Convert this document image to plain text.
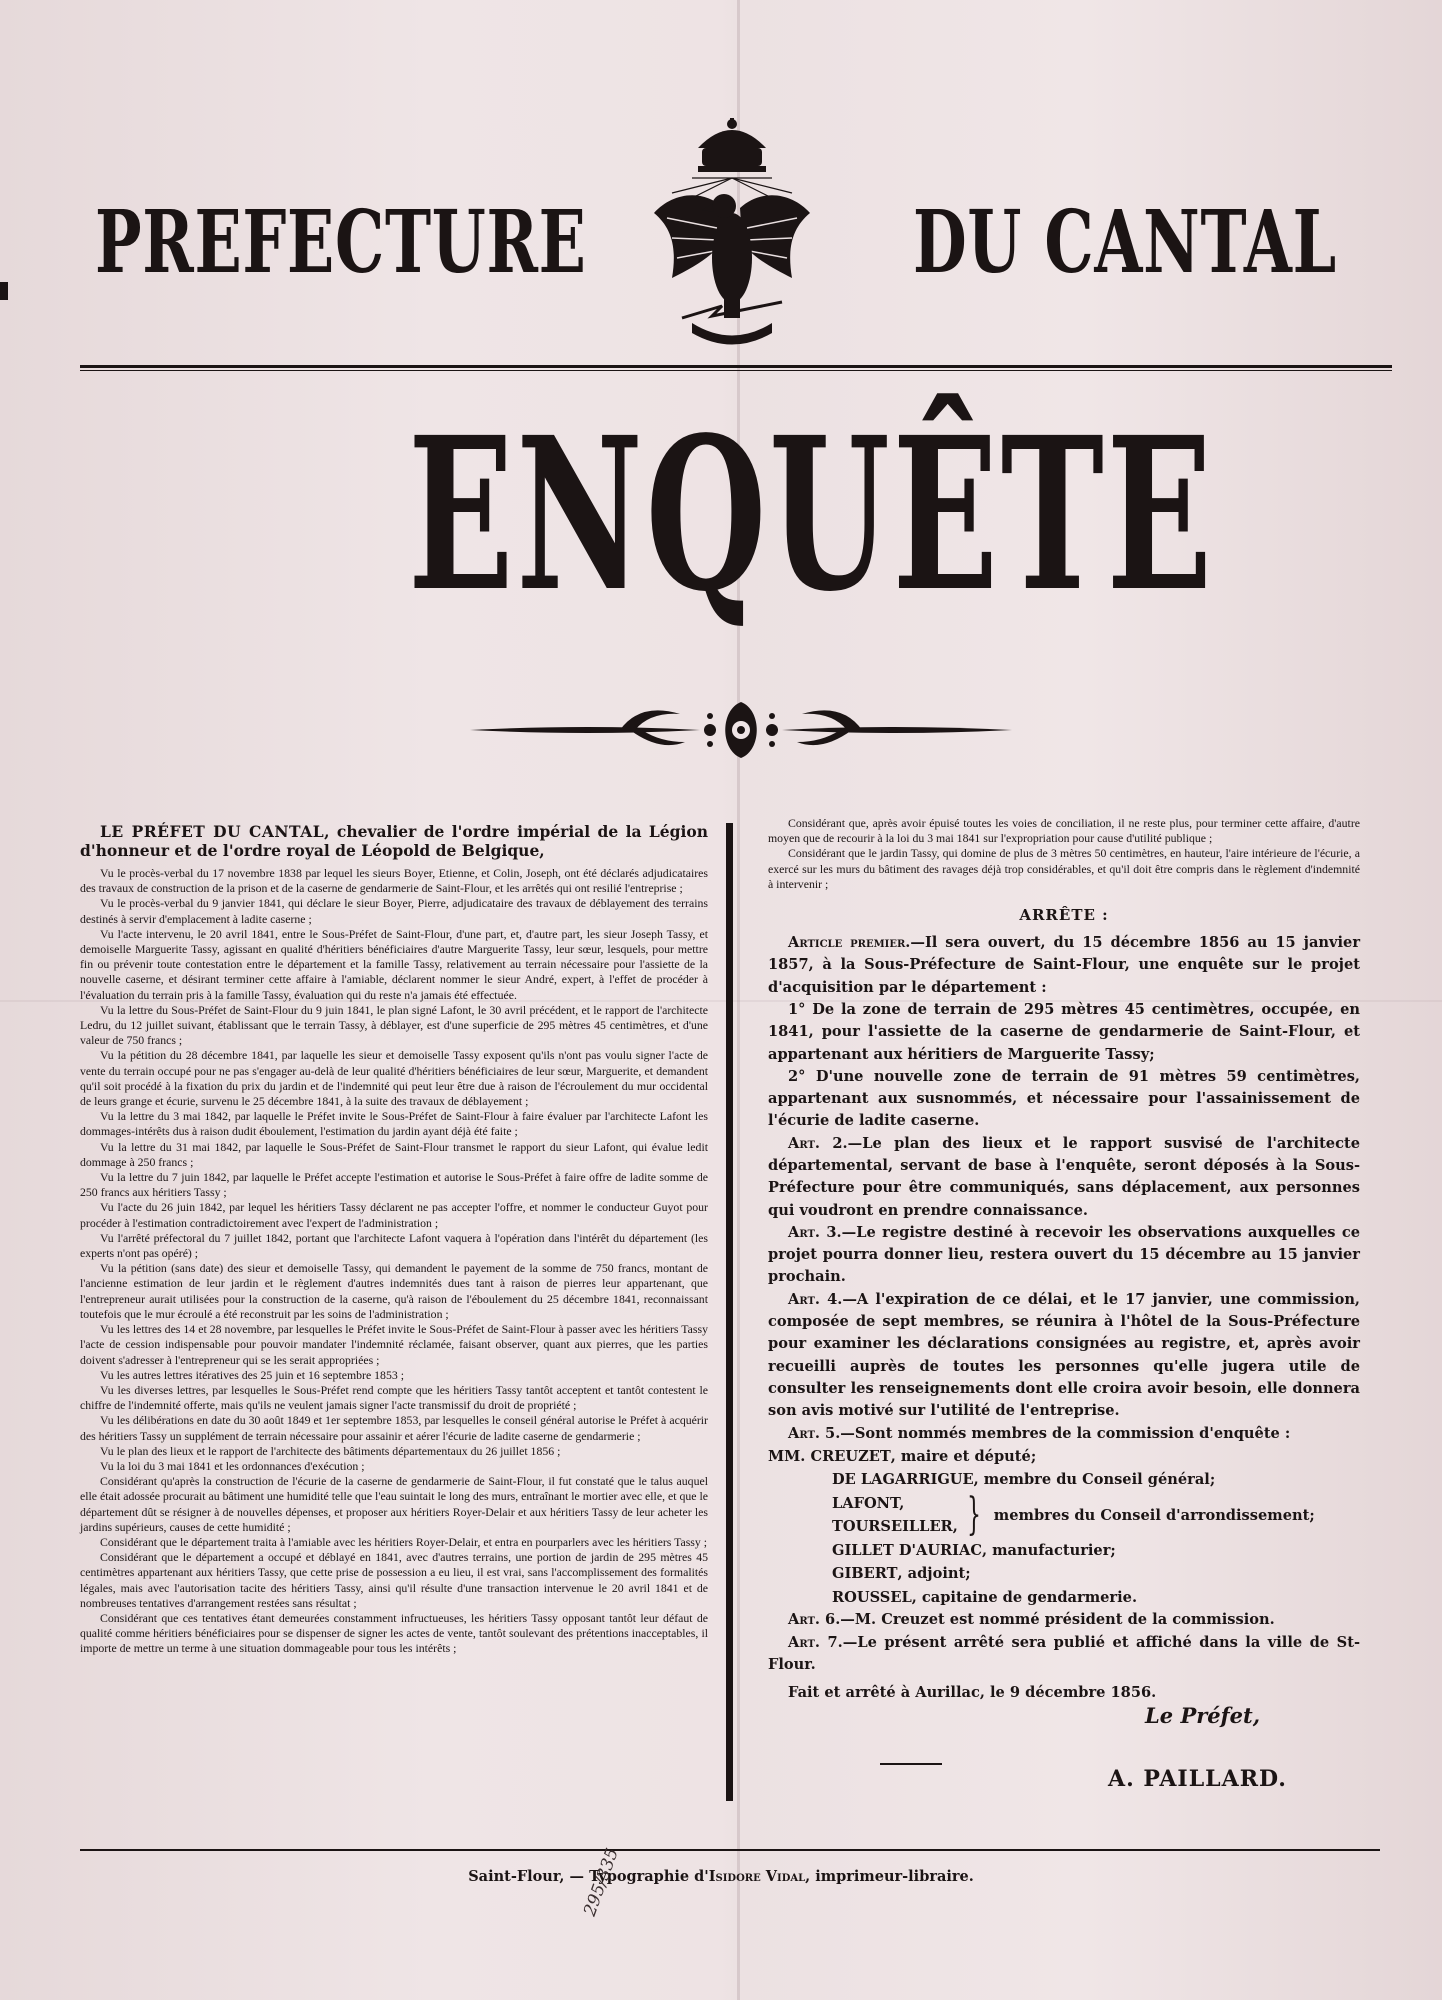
PREFECTURE	DU CANTAL
ENQUÊTE

LE PRÉFET DU CANTAL, chevalier de l'ordre impérial de la Légion d'honneur et de l'ordre royal de Léopold de Belgique,

Vu le procès-verbal du 17 novembre 1838 par lequel les sieurs Boyer, Etienne, et Colin, Joseph, ont été déclarés adjudicataires des travaux de construction de la prison et de la caserne de gendarmerie de Saint-Flour, et les arrêtés qui ont resilié l'entreprise ;

Vu le procès-verbal du 9 janvier 1841, qui déclare le sieur Boyer, Pierre, adjudicataire des travaux de déblayement des terrains destinés à servir d'emplacement à ladite caserne ;

Vu l'acte intervenu, le 20 avril 1841, entre le Sous-Préfet de Saint-Flour, d'une part, et, d'autre part, les sieur Joseph Tassy, et demoiselle Marguerite Tassy, agissant en qualité d'héritiers bénéficiaires d'autre Marguerite Tassy, leur sœur, lesquels, pour mettre fin ou prévenir toute contestation entre le département et la famille Tassy, relativement au terrain nécessaire pour l'assiette de la nouvelle caserne, et désirant terminer cette affaire à l'amiable, déclarent nommer le sieur André, expert, à l'effet de procéder à l'évaluation du terrain pris à la famille Tassy, évaluation qui du reste n'a jamais été effectuée.

Vu la lettre du Sous-Préfet de Saint-Flour du 9 juin 1841, le plan signé Lafont, le 30 avril précédent, et le rapport de l'architecte Ledru, du 12 juillet suivant, établissant que le terrain Tassy, à déblayer, est d'une superficie de 295 mètres 45 centimètres, et d'une valeur de 750 francs ;

Vu la pétition du 28 décembre 1841, par laquelle les sieur et demoiselle Tassy exposent qu'ils n'ont pas voulu signer l'acte de vente du terrain occupé pour ne pas s'engager au-delà de leur qualité d'héritiers bénéficiaires de leur sœur, Marguerite, et demandent qu'il soit procédé à la fixation du prix du jardin et de l'indemnité qui peut leur être due à raison de l'écroulement du mur occidental de leurs grange et écurie, survenu le 25 décembre 1841, à la suite des travaux de déblayement ;

Vu la lettre du 3 mai 1842, par laquelle le Préfet invite le Sous-Préfet de Saint-Flour à faire évaluer par l'architecte Lafont les dommages-intérêts dus à raison dudit éboulement, l'estimation du jardin ayant déjà été faite ;

Vu la lettre du 31 mai 1842, par laquelle le Sous-Préfet de Saint-Flour transmet le rapport du sieur Lafont, qui évalue ledit dommage à 250 francs ;

Vu la lettre du 7 juin 1842, par laquelle le Préfet accepte l'estimation et autorise le Sous-Préfet à faire offre de ladite somme de 250 francs aux héritiers Tassy ;

Vu l'acte du 26 juin 1842, par lequel les héritiers Tassy déclarent ne pas accepter l'offre, et nommer le conducteur Guyot pour procéder à l'estimation contradictoirement avec l'expert de l'administration ;

Vu l'arrêté préfectoral du 7 juillet 1842, portant que l'architecte Lafont vaquera à l'opération dans l'intérêt du département (les experts n'ont pas opéré) ;

Vu la pétition (sans date) des sieur et demoiselle Tassy, qui demandent le payement de la somme de 750 francs, montant de l'ancienne estimation de leur jardin et le règlement d'autres indemnités dues tant à raison de pierres leur appartenant, que l'entrepreneur aurait utilisées pour la construction de la caserne, qu'à raison de l'éboulement du 25 décembre 1841, reconnaissant toutefois que le mur écroulé a été reconstruit par les soins de l'administration ;

Vu les lettres des 14 et 28 novembre, par lesquelles le Préfet invite le Sous-Préfet de Saint-Flour à passer avec les héritiers Tassy l'acte de cession indispensable pour pouvoir mandater l'indemnité réclamée, faisant observer, quant aux pierres, que les parties doivent s'adresser à l'entrepreneur qui se les serait appropriées ;

Vu les autres lettres itératives des 25 juin et 16 septembre 1853 ;

Vu les diverses lettres, par lesquelles le Sous-Préfet rend compte que les héritiers Tassy tantôt acceptent et tantôt contestent le chiffre de l'indemnité offerte, mais qu'ils ne veulent jamais signer l'acte transmissif du droit de propriété ;

Vu les délibérations en date du 30 août 1849 et 1er septembre 1853, par lesquelles le conseil général autorise le Préfet à acquérir des héritiers Tassy un supplément de terrain nécessaire pour assainir et aérer l'écurie de ladite caserne de gendarmerie ;

Vu le plan des lieux et le rapport de l'architecte des bâtiments départementaux du 26 juillet 1856 ;

Vu la loi du 3 mai 1841 et les ordonnances d'exécution ;

Considérant qu'après la construction de l'écurie de la caserne de gendarmerie de Saint-Flour, il fut constaté que le talus auquel elle était adossée procurait au bâtiment une humidité telle que l'eau suintait le long des murs, entraînant le mortier avec elle, et que le département dût se résigner à de nouvelles dépenses, et proposer aux héritiers Royer-Delair et aux héritiers Tassy de leur acheter les jardins supérieurs, causes de cette humidité ;

Considérant que le département traita à l'amiable avec les héritiers Royer-Delair, et entra en pourparlers avec les héritiers Tassy ;

Considérant que le département a occupé et déblayé en 1841, avec d'autres terrains, une portion de jardin de 295 mètres 45 centimètres appartenant aux héritiers Tassy, que cette prise de possession a eu lieu, il est vrai, sans l'accomplissement des formalités légales, mais avec l'autorisation tacite des héritiers Tassy, ainsi qu'il résulte d'une transaction intervenue le 20 avril 1841 et de nombreuses tentatives d'arrangement restées sans résultat ;

Considérant que ces tentatives étant demeurées constamment infructueuses, les héritiers Tassy opposant tantôt leur défaut de qualité comme héritiers bénéficiaires pour se dispenser de signer les actes de vente, tantôt soulevant des prétentions inacceptables, il importe de mettre un terme à une situation dommageable pour tous les intérêts ;

Considérant que, après avoir épuisé toutes les voies de conciliation, il ne reste plus, pour terminer cette affaire, d'autre moyen que de recourir à la loi du 3 mai 1841 sur l'expropriation pour cause d'utilité publique ;

Considérant que le jardin Tassy, qui domine de plus de 3 mètres 50 centimètres, en hauteur, l'aire intérieure de l'écurie, a exercé sur les murs du bâtiment des ravages déjà trop considérables, et qu'il doit être compris dans le règlement d'indemnité à intervenir ;

ARRÊTE :

Article premier.—Il sera ouvert, du 15 décembre 1856 au 15 janvier 1857, à la Sous-Préfecture de Saint-Flour, une enquête sur le projet d'acquisition par le département :

1° De la zone de terrain de 295 mètres 45 centimètres, occupée, en 1841, pour l'assiette de la caserne de gendarmerie de Saint-Flour, et appartenant aux héritiers de Marguerite Tassy;

2° D'une nouvelle zone de terrain de 91 mètres 59 centimètres, appartenant aux susnommés, et nécessaire pour l'assainissement de l'écurie de ladite caserne.

Art. 2.—Le plan des lieux et le rapport susvisé de l'architecte départemental, servant de base à l'enquête, seront déposés à la Sous-Préfecture pour être communiqués, sans déplacement, aux personnes qui voudront en prendre connaissance.

Art. 3.—Le registre destiné à recevoir les observations auxquelles ce projet pourra donner lieu, restera ouvert du 15 décembre au 15 janvier prochain.

Art. 4.—A l'expiration de ce délai, et le 17 janvier, une commission, composée de sept membres, se réunira à l'hôtel de la Sous-Préfecture pour examiner les déclarations consignées au registre, et, après avoir recueilli auprès de toutes les personnes qu'elle jugera utile de consulter les renseignements dont elle croira avoir besoin, elle donnera son avis motivé sur l'utilité de l'entreprise.

Art. 5.—Sont nommés membres de la commission d'enquête :

MM.
CREUZET , maire et député;
DE LAGARRIGUE , membre du Conseil général;
LAFONT,
TOURSEILLER, } membres du Conseil d'arrondissement;
GILLET D'AURIAC , manufacturier;
GIBERT , adjoint;
ROUSSEL , capitaine de gendarmerie.

Art. 6.—M. Creuzet est nommé président de la commission.

Art. 7.—Le présent arrêté sera publié et affiché dans la ville de St-Flour.

Fait et arrêté à Aurillac, le 9 décembre 1856.

Le Préfet,
A. PAILLARD.
Saint-Flour, — Typographie d'Isidore Vidal, imprimeur-libraire.
295/335
